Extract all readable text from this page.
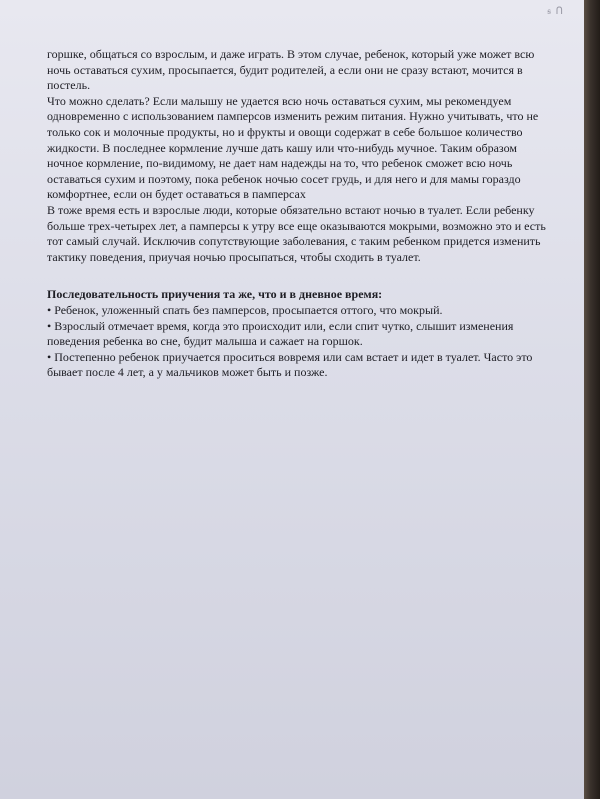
ꭶ ꓵ

горшке, общаться со взрослым, и даже играть. В этом случае, ребенок, который уже может всю ночь оставаться сухим, просыпается, будит родителей, а если они не сразу встают, мочится в постель.

Что можно сделать? Если малышу не удается всю ночь оставаться сухим, мы рекомендуем одновременно с использованием памперсов изменить режим питания. Нужно учитывать, что не только сок и молочные продукты, но и фрукты и овощи содержат в себе большое количество жидкости. В последнее кормление лучше дать кашу или что-нибудь мучное. Таким образом ночное кормление, по-видимому, не дает нам надежды на то, что ребенок сможет всю ночь оставаться сухим и поэтому, пока ребенок ночью сосет грудь, и для него и для мамы гораздо комфортнее, если он будет оставаться в памперсах

В тоже время есть и взрослые люди, которые обязательно встают ночью в туалет. Если ребенку больше трех-четырех лет, а памперсы к утру все еще оказываются мокрыми, возможно это и есть тот самый случай. Исключив сопутствующие заболевания, с таким ребенком придется изменить тактику поведения, приучая ночью просыпаться, чтобы сходить в туалет.

Последовательность приучения та же, что и в дневное время:

• Ребенок, уложенный спать без памперсов, просыпается оттого, что мокрый.
• Взрослый отмечает время, когда это происходит или, если спит чутко, слышит изменения поведения ребенка во сне, будит малыша и сажает на горшок.
• Постепенно ребенок приучается проситься вовремя или сам встает и идет в туалет. Часто это бывает после 4 лет, а у мальчиков может быть и позже.
